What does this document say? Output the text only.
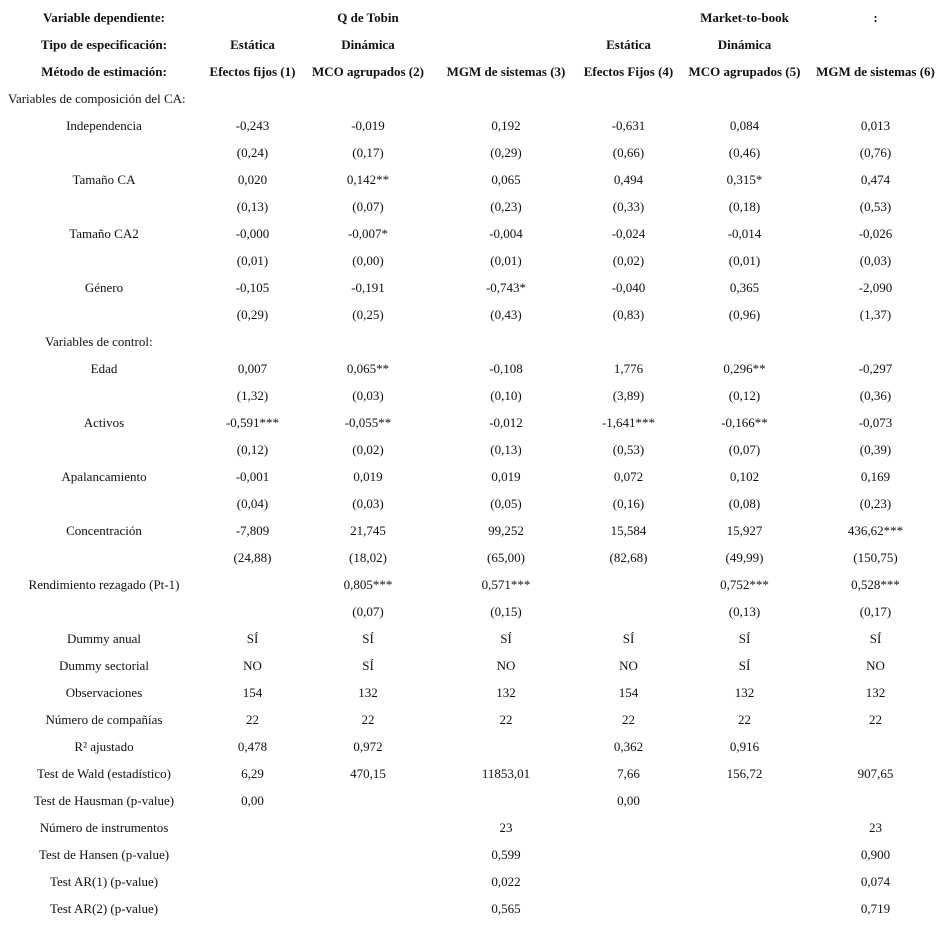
Variable dependiente:		Q de Tobin			Market-to-book	:
Tipo de especificación:	Estática	Dinámica		Estática	Dinámica	
Método de estimación:	Efectos fijos (1)	MCO agrupados (2)	MGM de sistemas (3)	Efectos Fijos (4)	MCO agrupados (5)	MGM de sistemas (6)
Variables de composición del CA:						
Independencia	-0,243	-0,019	0,192	-0,631	0,084	0,013
	(0,24)	(0,17)	(0,29)	(0,66)	(0,46)	(0,76)
Tamaño CA	0,020	0,142**	0,065	0,494	0,315*	0,474
	(0,13)	(0,07)	(0,23)	(0,33)	(0,18)	(0,53)
Tamaño CA2	-0,000	-0,007*	-0,004	-0,024	-0,014	-0,026
	(0,01)	(0,00)	(0,01)	(0,02)	(0,01)	(0,03)
Género	-0,105	-0,191	-0,743*	-0,040	0,365	-2,090
	(0,29)	(0,25)	(0,43)	(0,83)	(0,96)	(1,37)
Variables de control:						
Edad	0,007	0,065**	-0,108	1,776	0,296**	-0,297
	(1,32)	(0,03)	(0,10)	(3,89)	(0,12)	(0,36)
Activos	-0,591***	-0,055**	-0,012	-1,641***	-0,166**	-0,073
	(0,12)	(0,02)	(0,13)	(0,53)	(0,07)	(0,39)
Apalancamiento	-0,001	0,019	0,019	0,072	0,102	0,169
	(0,04)	(0,03)	(0,05)	(0,16)	(0,08)	(0,23)
Concentración	-7,809	21,745	99,252	15,584	15,927	436,62***
	(24,88)	(18,02)	(65,00)	(82,68)	(49,99)	(150,75)
Rendimiento rezagado (Pt-1)		0,805***	0,571***		0,752***	0,528***
		(0,07)	(0,15)		(0,13)	(0,17)
Dummy anual	SÍ	SÍ	SÍ	SÍ	SÍ	SÍ
Dummy sectorial	NO	SÍ	NO	NO	SÍ	NO
Observaciones	154	132	132	154	132	132
Número de compañías	22	22	22	22	22	22
R² ajustado	0,478	0,972		0,362	0,916	
Test de Wald (estadístico)	6,29	470,15	11853,01	7,66	156,72	907,65
Test de Hausman (p-value)	0,00			0,00		
Número de instrumentos			23			23
Test de Hansen (p-value)			0,599			0,900
Test AR(1) (p-value)			0,022			0,074
Test AR(2) (p-value)			0,565			0,719
